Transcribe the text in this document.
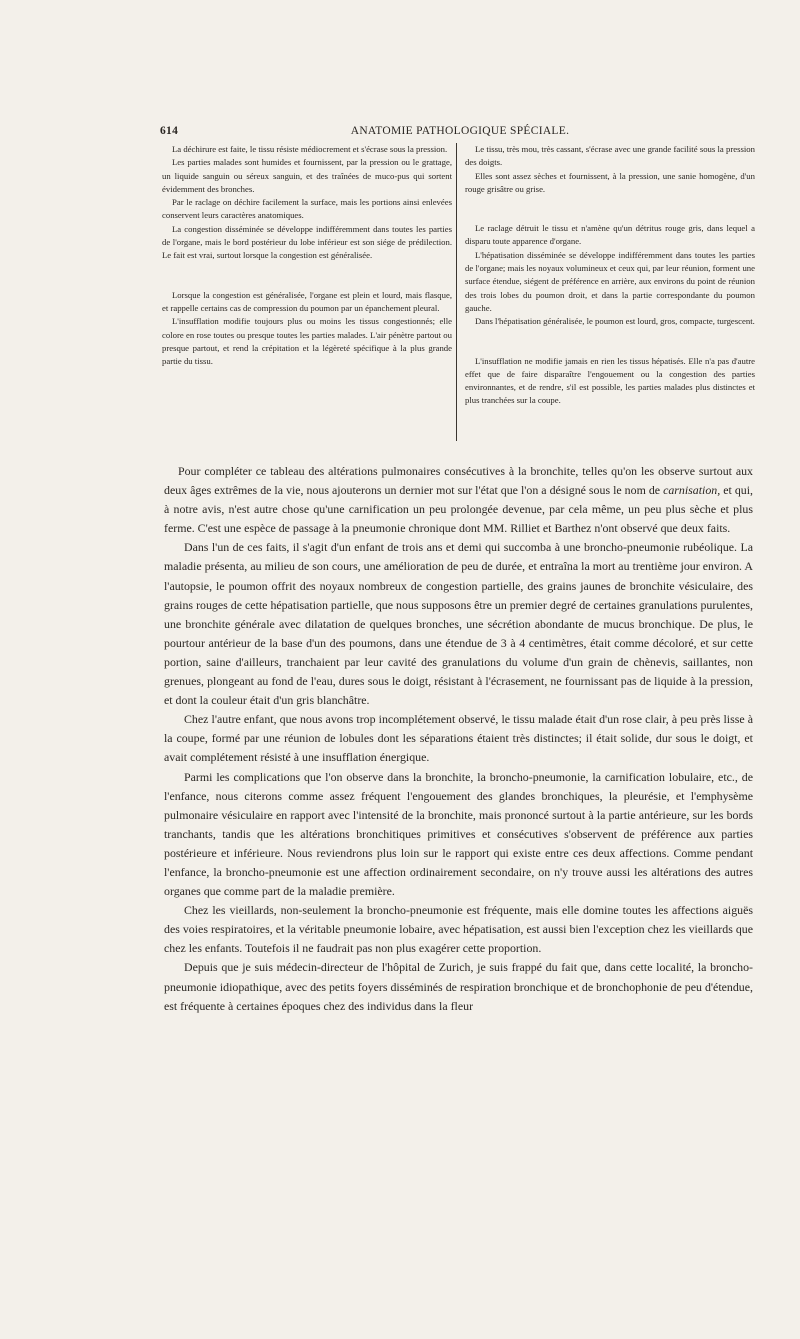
614	ANATOMIE PATHOLOGIQUE SPÉCIALE.

La déchirure est faite, le tissu résiste médiocrement et s'écrase sous la pression.

Les parties malades sont humides et fournissent, par la pression ou le grattage, un liquide sanguin ou séreux sanguin, et des traînées de muco-pus qui sortent évidemment des bronches.

Par le raclage on déchire facilement la surface, mais les portions ainsi enlevées conservent leurs caractères anatomiques.

La congestion disséminée se développe indifféremment dans toutes les parties de l'organe, mais le bord postérieur du lobe inférieur est son siége de prédilection. Le fait est vrai, surtout lorsque la congestion est généralisée.

Lorsque la congestion est généralisée, l'organe est plein et lourd, mais flasque, et rappelle certains cas de compression du poumon par un épanchement pleural.

L'insufflation modifie toujours plus ou moins les tissus congestionnés; elle colore en rose toutes ou presque toutes les parties malades. L'air pénètre partout ou presque partout, et rend la crépitation et la légèreté spécifique à la plus grande partie du tissu.

Le tissu, très mou, très cassant, s'écrase avec une grande facilité sous la pression des doigts.

Elles sont assez sèches et fournissent, à la pression, une sanie homogène, d'un rouge grisâtre ou grise.

Le raclage détruit le tissu et n'amène qu'un détritus rouge gris, dans lequel a disparu toute apparence d'organe.

L'hépatisation disséminée se développe indifféremment dans toutes les parties de l'organe; mais les noyaux volumineux et ceux qui, par leur réunion, forment une surface étendue, siégent de préférence en arrière, aux environs du point de réunion des trois lobes du poumon droit, et dans la partie correspondante du poumon gauche.

Dans l'hépatisation généralisée, le poumon est lourd, gros, compacte, turgescent.

L'insufflation ne modifie jamais en rien les tissus hépatisés. Elle n'a pas d'autre effet que de faire disparaître l'engouement ou la congestion des parties environnantes, et de rendre, s'il est possible, les parties malades plus distinctes et plus tranchées sur la coupe.

Pour compléter ce tableau des altérations pulmonaires consécutives à la bronchite, telles qu'on les observe surtout aux deux âges extrêmes de la vie, nous ajouterons un dernier mot sur l'état que l'on a désigné sous le nom de carnisation, et qui, à notre avis, n'est autre chose qu'une carnification un peu prolongée devenue, par cela même, un peu plus sèche et plus ferme. C'est une espèce de passage à la pneumonie chronique dont MM. Rilliet et Barthez n'ont observé que deux faits.

Dans l'un de ces faits, il s'agit d'un enfant de trois ans et demi qui succomba à une broncho-pneumonie rubéolique. La maladie présenta, au milieu de son cours, une amélioration de peu de durée, et entraîna la mort au trentième jour environ. A l'autopsie, le poumon offrit des noyaux nombreux de congestion partielle, des grains jaunes de bronchite vésiculaire, des grains rouges de cette hépatisation partielle, que nous supposons être un premier degré de certaines granulations purulentes, une bronchite générale avec dilatation de quelques bronches, une sécrétion abondante de mucus bronchique. De plus, le pourtour antérieur de la base d'un des poumons, dans une étendue de 3 à 4 centimètres, était comme décoloré, et sur cette portion, saine d'ailleurs, tranchaient par leur cavité des granulations du volume d'un grain de chènevis, saillantes, non grenues, plongeant au fond de l'eau, dures sous le doigt, résistant à l'écrasement, ne fournissant pas de liquide à la pression, et dont la couleur était d'un gris blanchâtre.

Chez l'autre enfant, que nous avons trop incomplétement observé, le tissu malade était d'un rose clair, à peu près lisse à la coupe, formé par une réunion de lobules dont les séparations étaient très distinctes; il était solide, dur sous le doigt, et avait complétement résisté à une insufflation énergique.

Parmi les complications que l'on observe dans la bronchite, la broncho-pneumonie, la carnification lobulaire, etc., de l'enfance, nous citerons comme assez fréquent l'engouement des glandes bronchiques, la pleurésie, et l'emphysème pulmonaire vésiculaire en rapport avec l'intensité de la bronchite, mais prononcé surtout à la partie antérieure, sur les bords tranchants, tandis que les altérations bronchitiques primitives et consécutives s'observent de préférence aux parties postérieure et inférieure. Nous reviendrons plus loin sur le rapport qui existe entre ces deux affections. Comme pendant l'enfance, la broncho-pneumonie est une affection ordinairement secondaire, on n'y trouve aussi les altérations des autres organes que comme part de la maladie première.

Chez les vieillards, non-seulement la broncho-pneumonie est fréquente, mais elle domine toutes les affections aiguës des voies respiratoires, et la véritable pneumonie lobaire, avec hépatisation, est aussi bien l'exception chez les vieillards que chez les enfants. Toutefois il ne faudrait pas non plus exagérer cette proportion.

Depuis que je suis médecin-directeur de l'hôpital de Zurich, je suis frappé du fait que, dans cette localité, la broncho-pneumonie idiopathique, avec des petits foyers disséminés de respiration bronchique et de bronchophonie de peu d'étendue, est fréquente à certaines époques chez des individus dans la fleur
